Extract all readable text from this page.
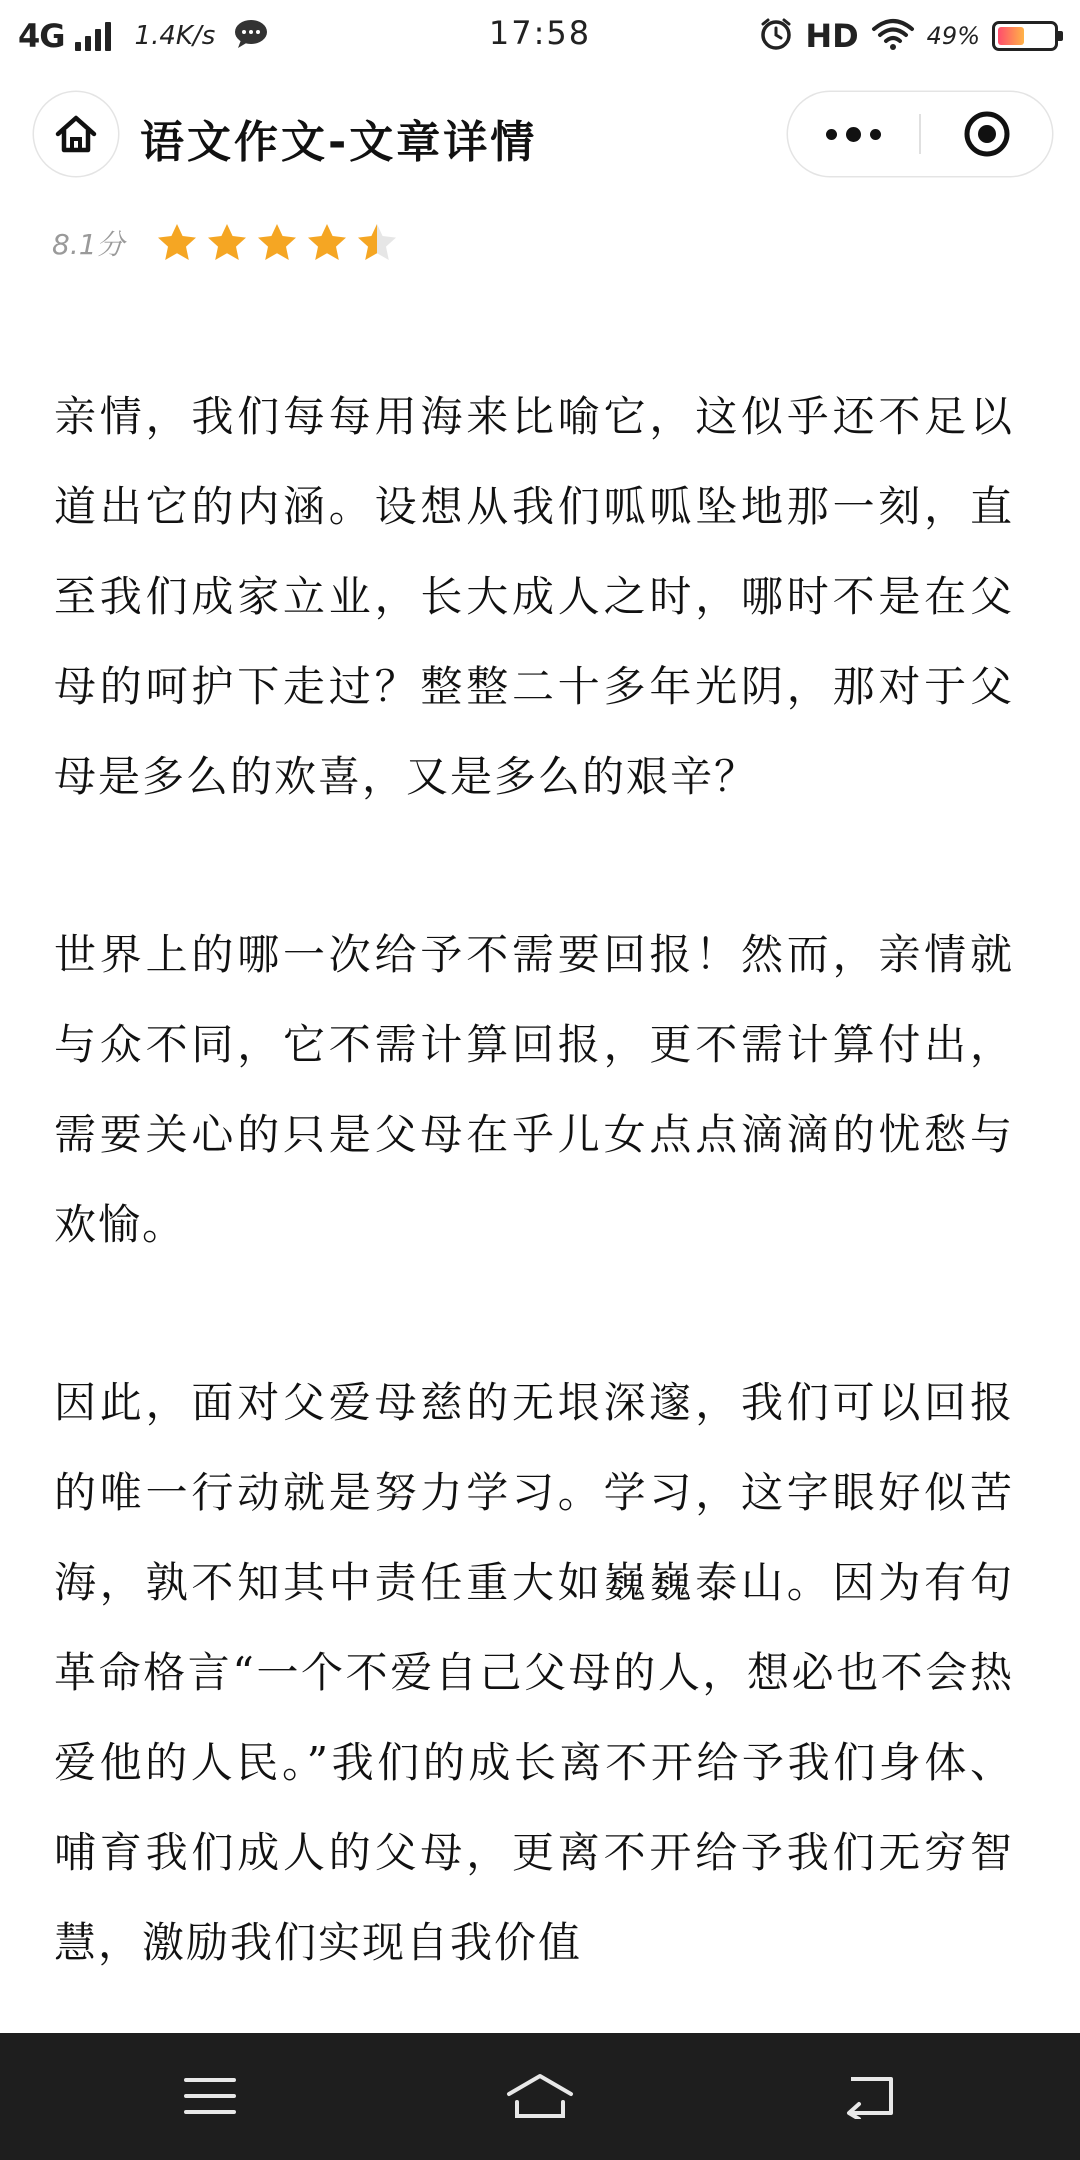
4G	1.4K/s	17:58	HD	49%
语文作文-文章详情
8.1分

亲情，我们每每用海来比喻它，这似乎还不足以道出它的内涵。设想从我们呱呱坠地那一刻，直至我们成家立业，长大成人之时，哪时不是在父母的呵护下走过？整整二十多年光阴，那对于父母是多么的欢喜，又是多么的艰辛？

世界上的哪一次给予不需要回报！然而，亲情就与众不同，它不需计算回报，更不需计算付出，需要关心的只是父母在乎儿女点点滴滴的忧愁与欢愉。

因此，面对父爱母慈的无垠深邃，我们可以回报的唯一行动就是努力学习。学习，这字眼好似苦海，孰不知其中责任重大如巍巍泰山。因为有句革命格言“一个不爱自己父母的人，想必也不会热爱他的人民。”我们的成长离不开给予我们身体、哺育我们成人的父母，更离不开给予我们无穷智慧，激励我们实现自我价值
